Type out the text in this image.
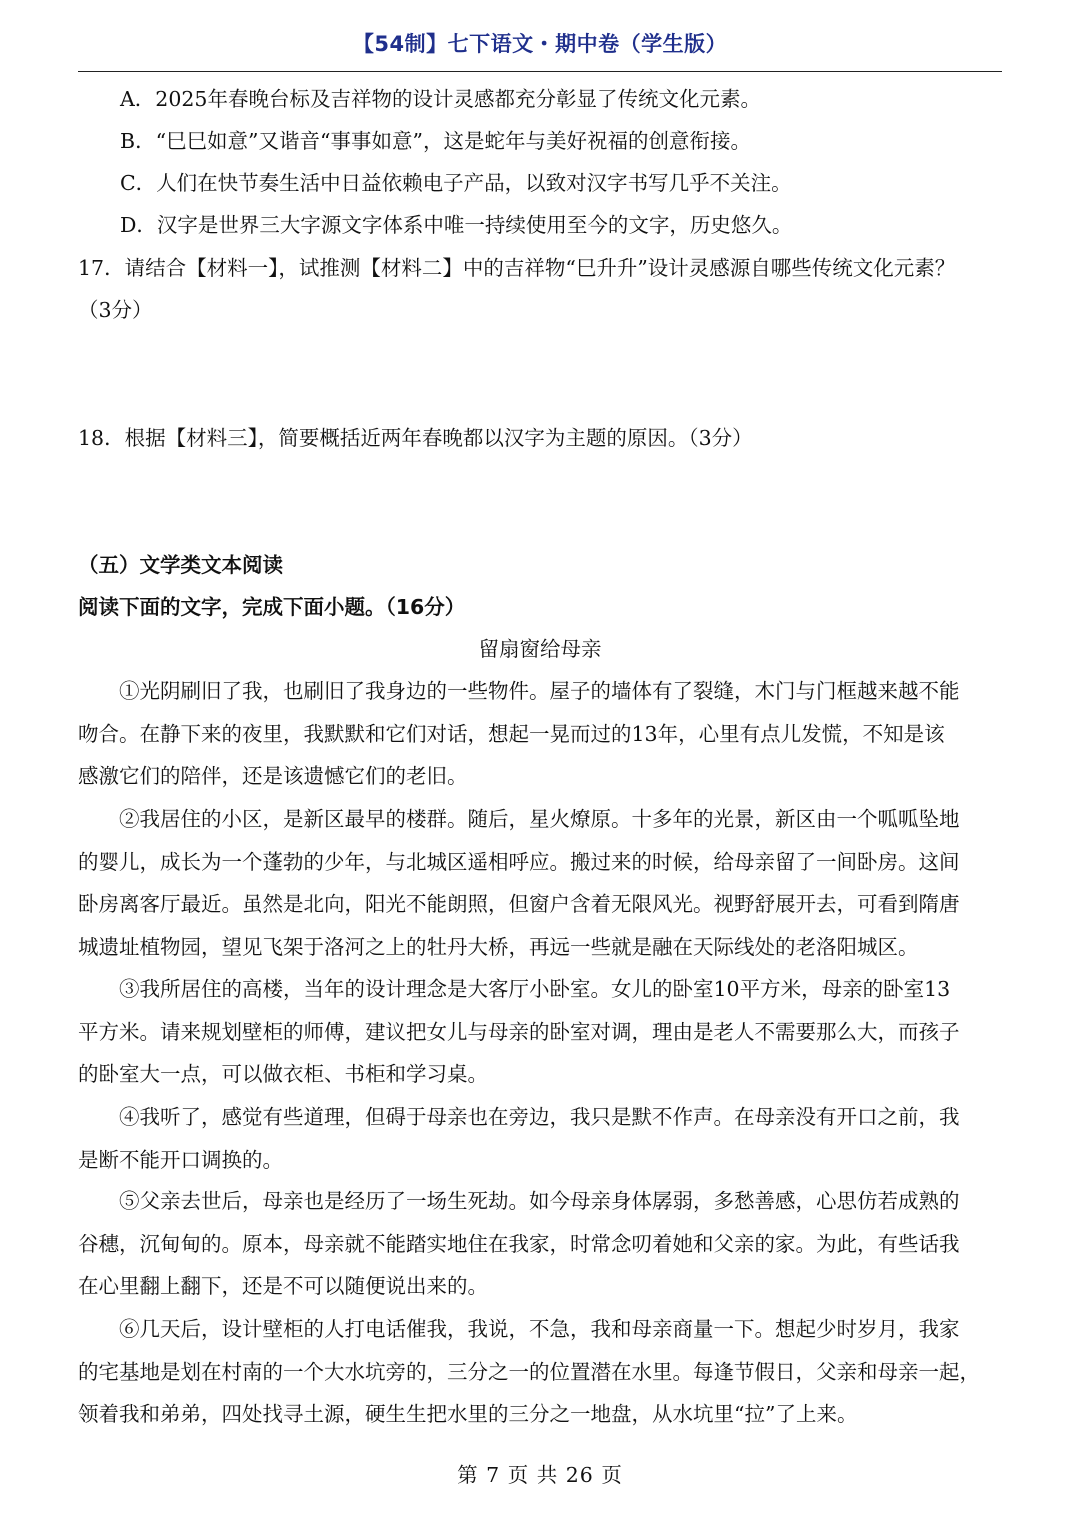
【54制】七下语文・期中卷（学生版）
A．2025年春晚台标及吉祥物的设计灵感都充分彰显了传统文化元素。
B．“巳巳如意”又谐音“事事如意”，这是蛇年与美好祝福的创意衔接。
C．人们在快节奏生活中日益依赖电子产品，以致对汉字书写几乎不关注。
D．汉字是世界三大字源文字体系中唯一持续使用至今的文字，历史悠久。
17．请结合【材料一】，试推测【材料二】中的吉祥物“巳升升”设计灵感源自哪些传统文化元素？
（3分）
18．根据【材料三】，简要概括近两年春晚都以汉字为主题的原因。（3分）
（五）文学类文本阅读
阅读下面的文字，完成下面小题。（16分）
留扇窗给母亲
①光阴刷旧了我，也刷旧了我身边的一些物件。屋子的墙体有了裂缝，木门与门框越来越不能
吻合。在静下来的夜里，我默默和它们对话，想起一晃而过的13年，心里有点儿发慌，不知是该
感激它们的陪伴，还是该遗憾它们的老旧。
②我居住的小区，是新区最早的楼群。随后，星火燎原。十多年的光景，新区由一个呱呱坠地
的婴儿，成长为一个蓬勃的少年，与北城区遥相呼应。搬过来的时候，给母亲留了一间卧房。这间
卧房离客厅最近。虽然是北向，阳光不能朗照，但窗户含着无限风光。视野舒展开去，可看到隋唐
城遗址植物园，望见飞架于洛河之上的牡丹大桥，再远一些就是融在天际线处的老洛阳城区。
③我所居住的高楼，当年的设计理念是大客厅小卧室。女儿的卧室10平方米，母亲的卧室13
平方米。请来规划壁柜的师傅，建议把女儿与母亲的卧室对调，理由是老人不需要那么大，而孩子
的卧室大一点，可以做衣柜、书柜和学习桌。
④我听了，感觉有些道理，但碍于母亲也在旁边，我只是默不作声。在母亲没有开口之前，我
是断不能开口调换的。
⑤父亲去世后，母亲也是经历了一场生死劫。如今母亲身体孱弱，多愁善感，心思仿若成熟的
谷穗，沉甸甸的。原本，母亲就不能踏实地住在我家，时常念叨着她和父亲的家。为此，有些话我
在心里翻上翻下，还是不可以随便说出来的。
⑥几天后，设计壁柜的人打电话催我，我说，不急，我和母亲商量一下。想起少时岁月，我家
的宅基地是划在村南的一个大水坑旁的，三分之一的位置潜在水里。每逢节假日，父亲和母亲一起，
领着我和弟弟，四处找寻土源，硬生生把水里的三分之一地盘，从水坑里“拉”了上来。
第 7 页 共 26 页
